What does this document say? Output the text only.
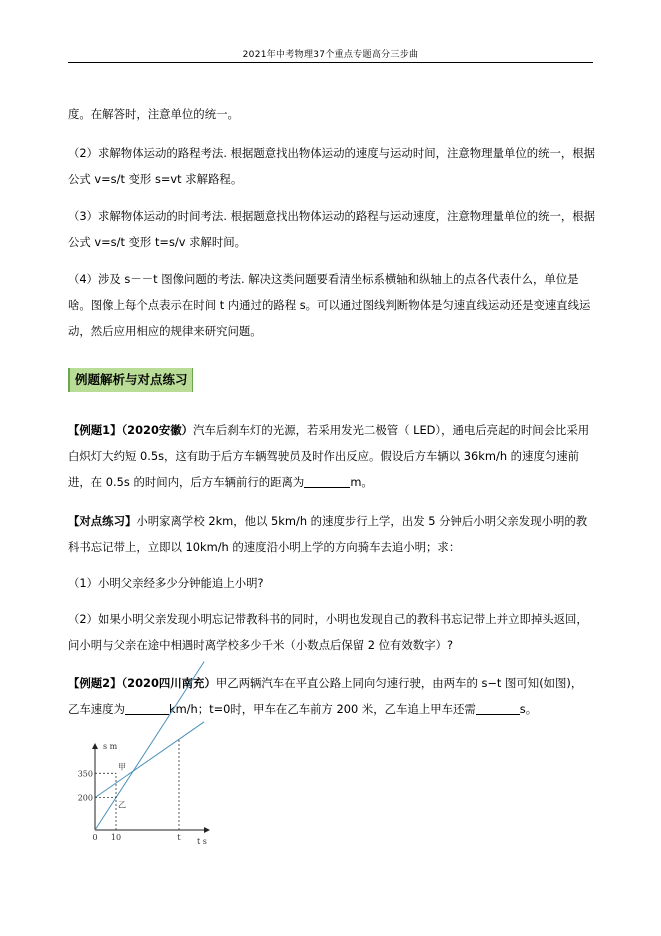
2021年中考物理37个重点专题高分三步曲

度。在解答时，注意单位的统一。

（2）求解物体运动的路程考法. 根据题意找出物体运动的速度与运动时间，注意物理量单位的统一，根据公式 v=s/t 变形 s=vt 求解路程。

（3）求解物体运动的时间考法. 根据题意找出物体运动的路程与运动速度，注意物理量单位的统一，根据公式 v=s/t 变形 t=s/v 求解时间。

（4）涉及 s－－t 图像问题的考法. 解决这类问题要看清坐标系横轴和纵轴上的点各代表什么，单位是啥。图像上每个点表示在时间 t 内通过的路程 s。可以通过图线判断物体是匀速直线运动还是变速直线运动，然后应用相应的规律来研究问题。

例题解析与对点练习

【例题1】（2020安徽）汽车后刹车灯的光源，若采用发光二极管（ LED），通电后亮起的时间会比采用白炽灯大约短 0.5s，这有助于后方车辆驾驶员及时作出反应。假设后方车辆以 36km/h 的速度匀速前进，在 0.5s 的时间内，后方车辆前行的距离为	m。

【对点练习】小明家离学校 2km，他以 5km/h 的速度步行上学，出发 5 分钟后小明父亲发现小明的教科书忘记带上，立即以 10km/h 的速度沿小明上学的方向骑车去追小明；求：

（1）小明父亲经多少分钟能追上小明?

（2）如果小明父亲发现小明忘记带教科书的同时，小明也发现自己的教科书忘记带上并立即掉头返回，问小明与父亲在途中相遇时离学校多少千米（小数点后保留 2 位有效数字）?

【例题2】（2020四川南充）甲乙两辆汽车在平直公路上同向匀速行驶，由两车的 s−t 图可知(如图)，
乙车速度为	km/h；t=0时，甲车在乙车前方 200 米，乙车追上甲车还需	s。

200
350
0 10	t
甲
乙
s m
t s
